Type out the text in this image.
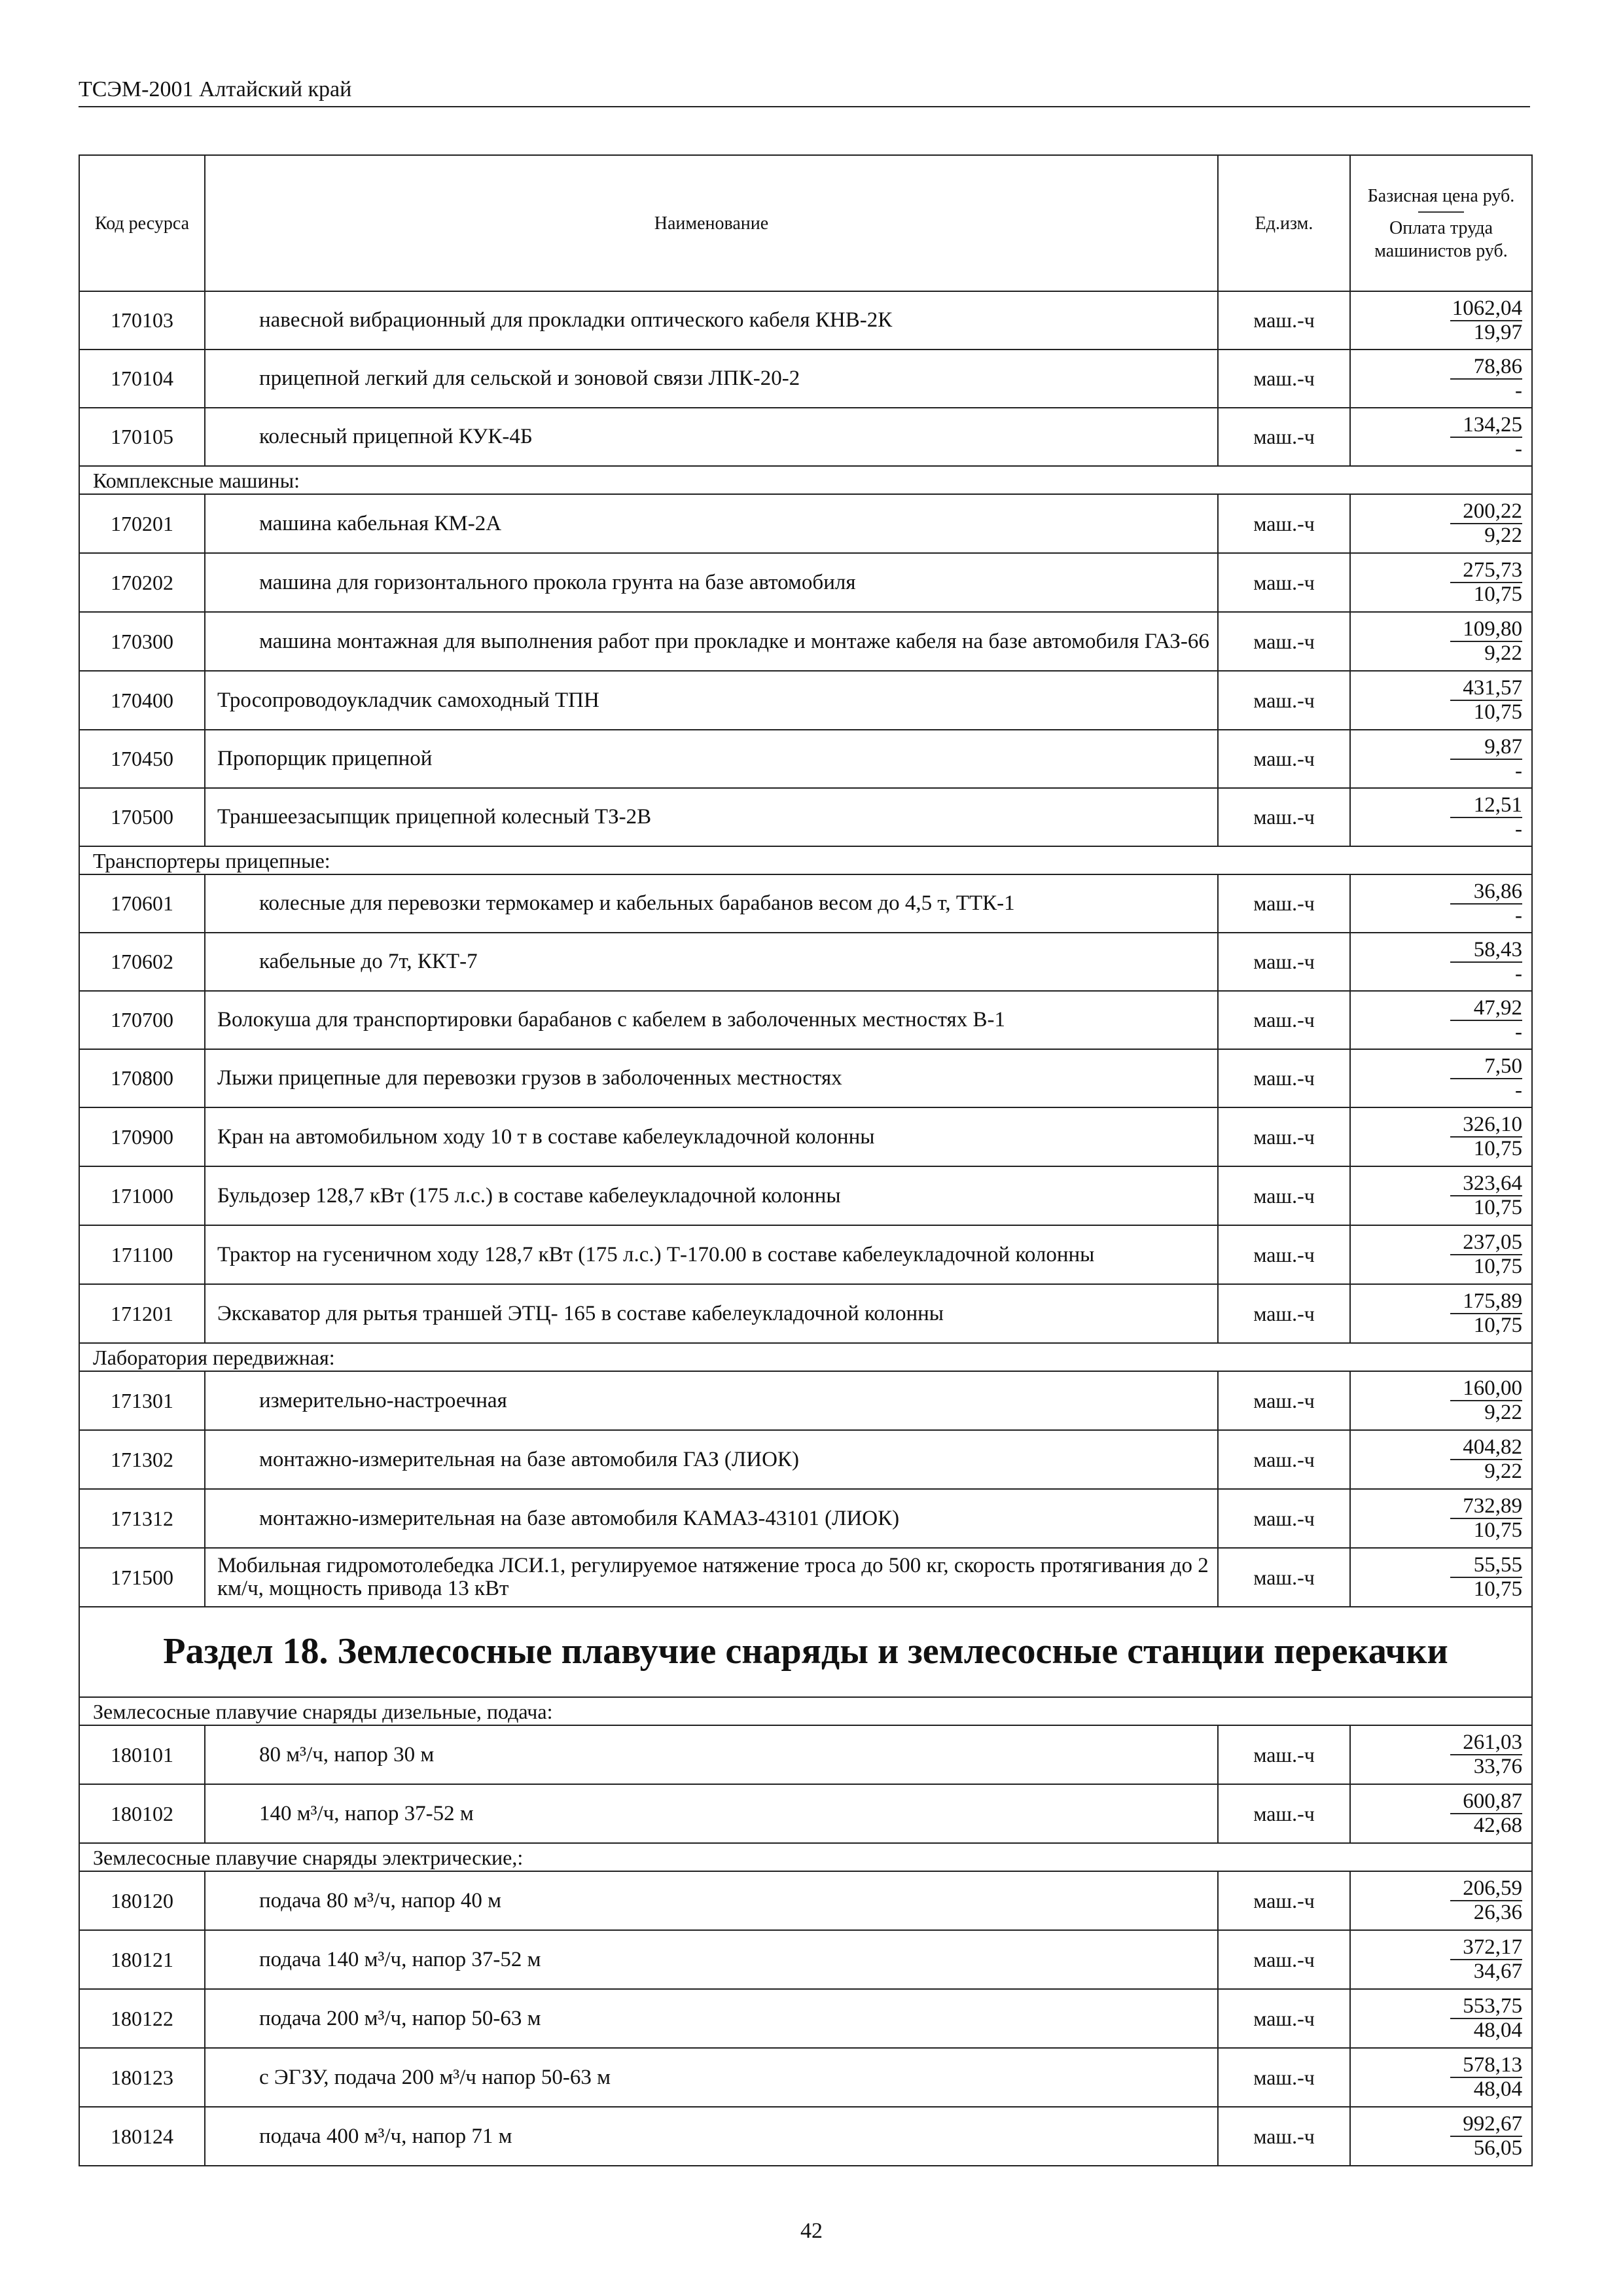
ТСЭМ-2001 Алтайский край
Код ресурса	Наименование	Ед.изм.	Базисная цена руб.
Оплата труда машинистов руб.

170103	навесной вибрационный для прокладки оптического кабеля КНВ-2К	маш.-ч	1062,04
19,97

170104	прицепной легкий для сельской и зоновой связи ЛПК-20-2	маш.-ч	78,86
-

170105	колесный прицепной КУК-4Б	маш.-ч	134,25
-

Комплексные машины:			
170201	машина кабельная КМ-2А	маш.-ч	200,22
9,22

170202	машина для горизонтального прокола грунта на базе автомобиля	маш.-ч	275,73
10,75

170300	машина монтажная для выполнения работ при прокладке и монтаже кабеля на базе автомобиля ГАЗ-66	маш.-ч	109,80
9,22

170400	Тросопроводоукладчик самоходный ТПН	маш.-ч	431,57
10,75

170450	Пропорщик прицепной	маш.-ч	9,87
-

170500	Траншеезасыпщик прицепной колесный ТЗ-2В	маш.-ч	12,51
-

Транспортеры прицепные:			
170601	колесные для перевозки термокамер и кабельных барабанов весом до 4,5 т, ТТК-1	маш.-ч	36,86
-

170602	кабельные до 7т, ККТ-7	маш.-ч	58,43
-

170700	Волокуша для транспортировки барабанов с кабелем в заболоченных местностях В-1	маш.-ч	47,92
-

170800	Лыжи прицепные для перевозки грузов в заболоченных местностях	маш.-ч	7,50
-

170900	Кран на автомобильном ходу 10 т в составе кабелеукладочной колонны	маш.-ч	326,10
10,75

171000	Бульдозер 128,7 кВт (175 л.с.) в составе кабелеукладочной колонны	маш.-ч	323,64
10,75

171100	Трактор на гусеничном ходу 128,7 кВт (175 л.с.) Т-170.00 в составе кабелеукладочной колонны	маш.-ч	237,05
10,75

171201	Экскаватор для рытья траншей ЭТЦ- 165 в составе кабелеукладочной колонны	маш.-ч	175,89
10,75

Лаборатория передвижная:			
171301	измерительно-настроечная	маш.-ч	160,00
9,22

171302	монтажно-измерительная на базе автомобиля ГАЗ (ЛИОК)	маш.-ч	404,82
9,22

171312	монтажно-измерительная на базе автомобиля КАМАЗ-43101 (ЛИОК)	маш.-ч	732,89
10,75

171500	Мобильная гидромотолебедка ЛСИ.1, регулируемое натяжение троса до 500 кг, скорость протягивания до 2 км/ч, мощность привода 13 кВт	маш.-ч	55,55
10,75

Раздел 18. Землесосные плавучие снаряды и землесосные станции перекачки			
Землесосные плавучие снаряды дизельные, подача:			
180101	80 м³/ч, напор 30 м	маш.-ч	261,03
33,76

180102	140 м³/ч, напор 37-52 м	маш.-ч	600,87
42,68

Землесосные плавучие снаряды электрические,:			
180120	подача 80 м³/ч, напор 40 м	маш.-ч	206,59
26,36

180121	подача 140 м³/ч, напор 37-52 м	маш.-ч	372,17
34,67

180122	подача 200 м³/ч, напор 50-63 м	маш.-ч	553,75
48,04

180123	с ЭГЗУ, подача 200 м³/ч напор 50-63 м	маш.-ч	578,13
48,04

180124	подача 400 м³/ч, напор 71 м	маш.-ч	992,67
56,05
42
